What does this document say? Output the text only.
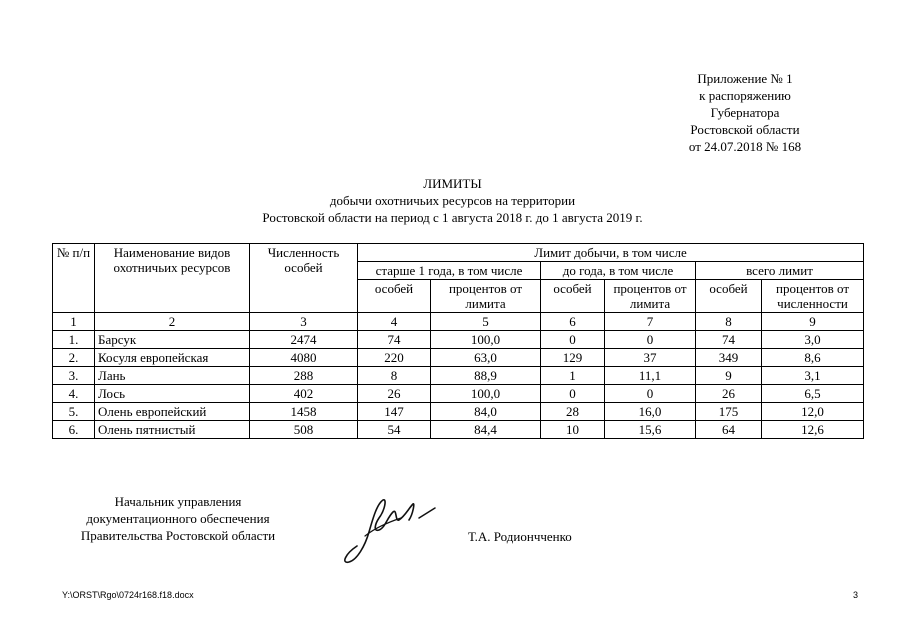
Приложение № 1
к распоряжению
Губернатора
Ростовской области
от 24.07.2018 № 168
ЛИМИТЫ
добычи охотничьих ресурсов на территории
Ростовской области на период с 1 августа 2018 г. до 1 августа 2019 г.
№ п/п	Наименование видов охотничьих ресурсов	Численность особей	Лимит добычи, в том числе					
			старше 1 года, в том числе		до года, в том числе		всего лимит	
			особей	процентов от лимита	особей	процентов от лимита	особей	процентов от численности
1	2	3	4	5	6	7	8	9
1.	Барсук	2474	74	100,0	0	0	74	3,0
2.	Косуля европейская	4080	220	63,0	129	37	349	8,6
3.	Лань	288	8	88,9	1	11,1	9	3,1
4.	Лось	402	26	100,0	0	0	26	6,5
5.	Олень европейский	1458	147	84,0	28	16,0	175	12,0
6.	Олень пятнистый	508	54	84,4	10	15,6	64	12,6
Начальник управления
документационного обеспечения
Правительства Ростовской области	Т.А. Родиончченко
Y:\ORST\Rgo\0724r168.f18.docx	3
